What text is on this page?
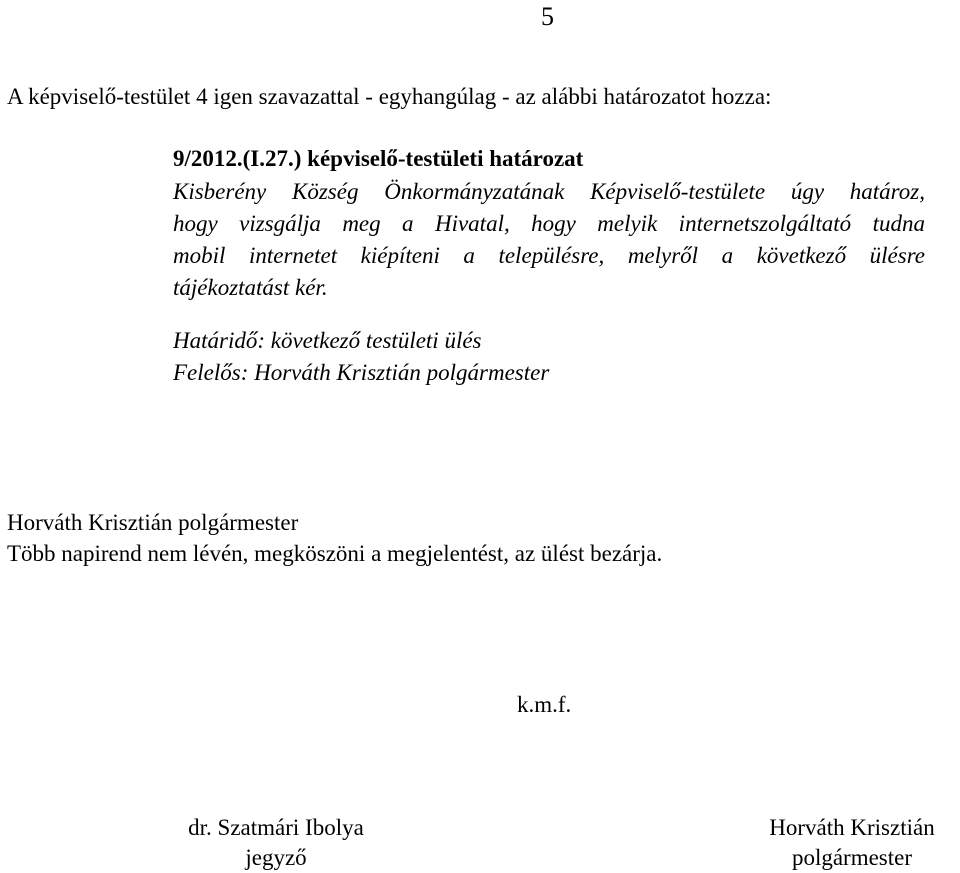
5

A képviselő-testület 4 igen szavazattal - egyhangúlag - az alábbi határozatot hozza:

9/2012.(I.27.) képviselő-testületi határozat

Kisberény Község Önkormányzatának Képviselő-testülete úgy határoz,
hogy vizsgálja meg a Hivatal, hogy melyik internetszolgáltató tudna
mobil internetet kiépíteni a településre, melyről a következő ülésre
tájékoztatást kér.

Határidő: következő testületi ülés

Felelős: Horváth Krisztián polgármester

Horváth Krisztián polgármester

Több napirend nem lévén, megköszöni a megjelentést, az ülést bezárja.

k.m.f.

dr. Szatmári Ibolya
jegyző
Horváth Krisztián
polgármester
